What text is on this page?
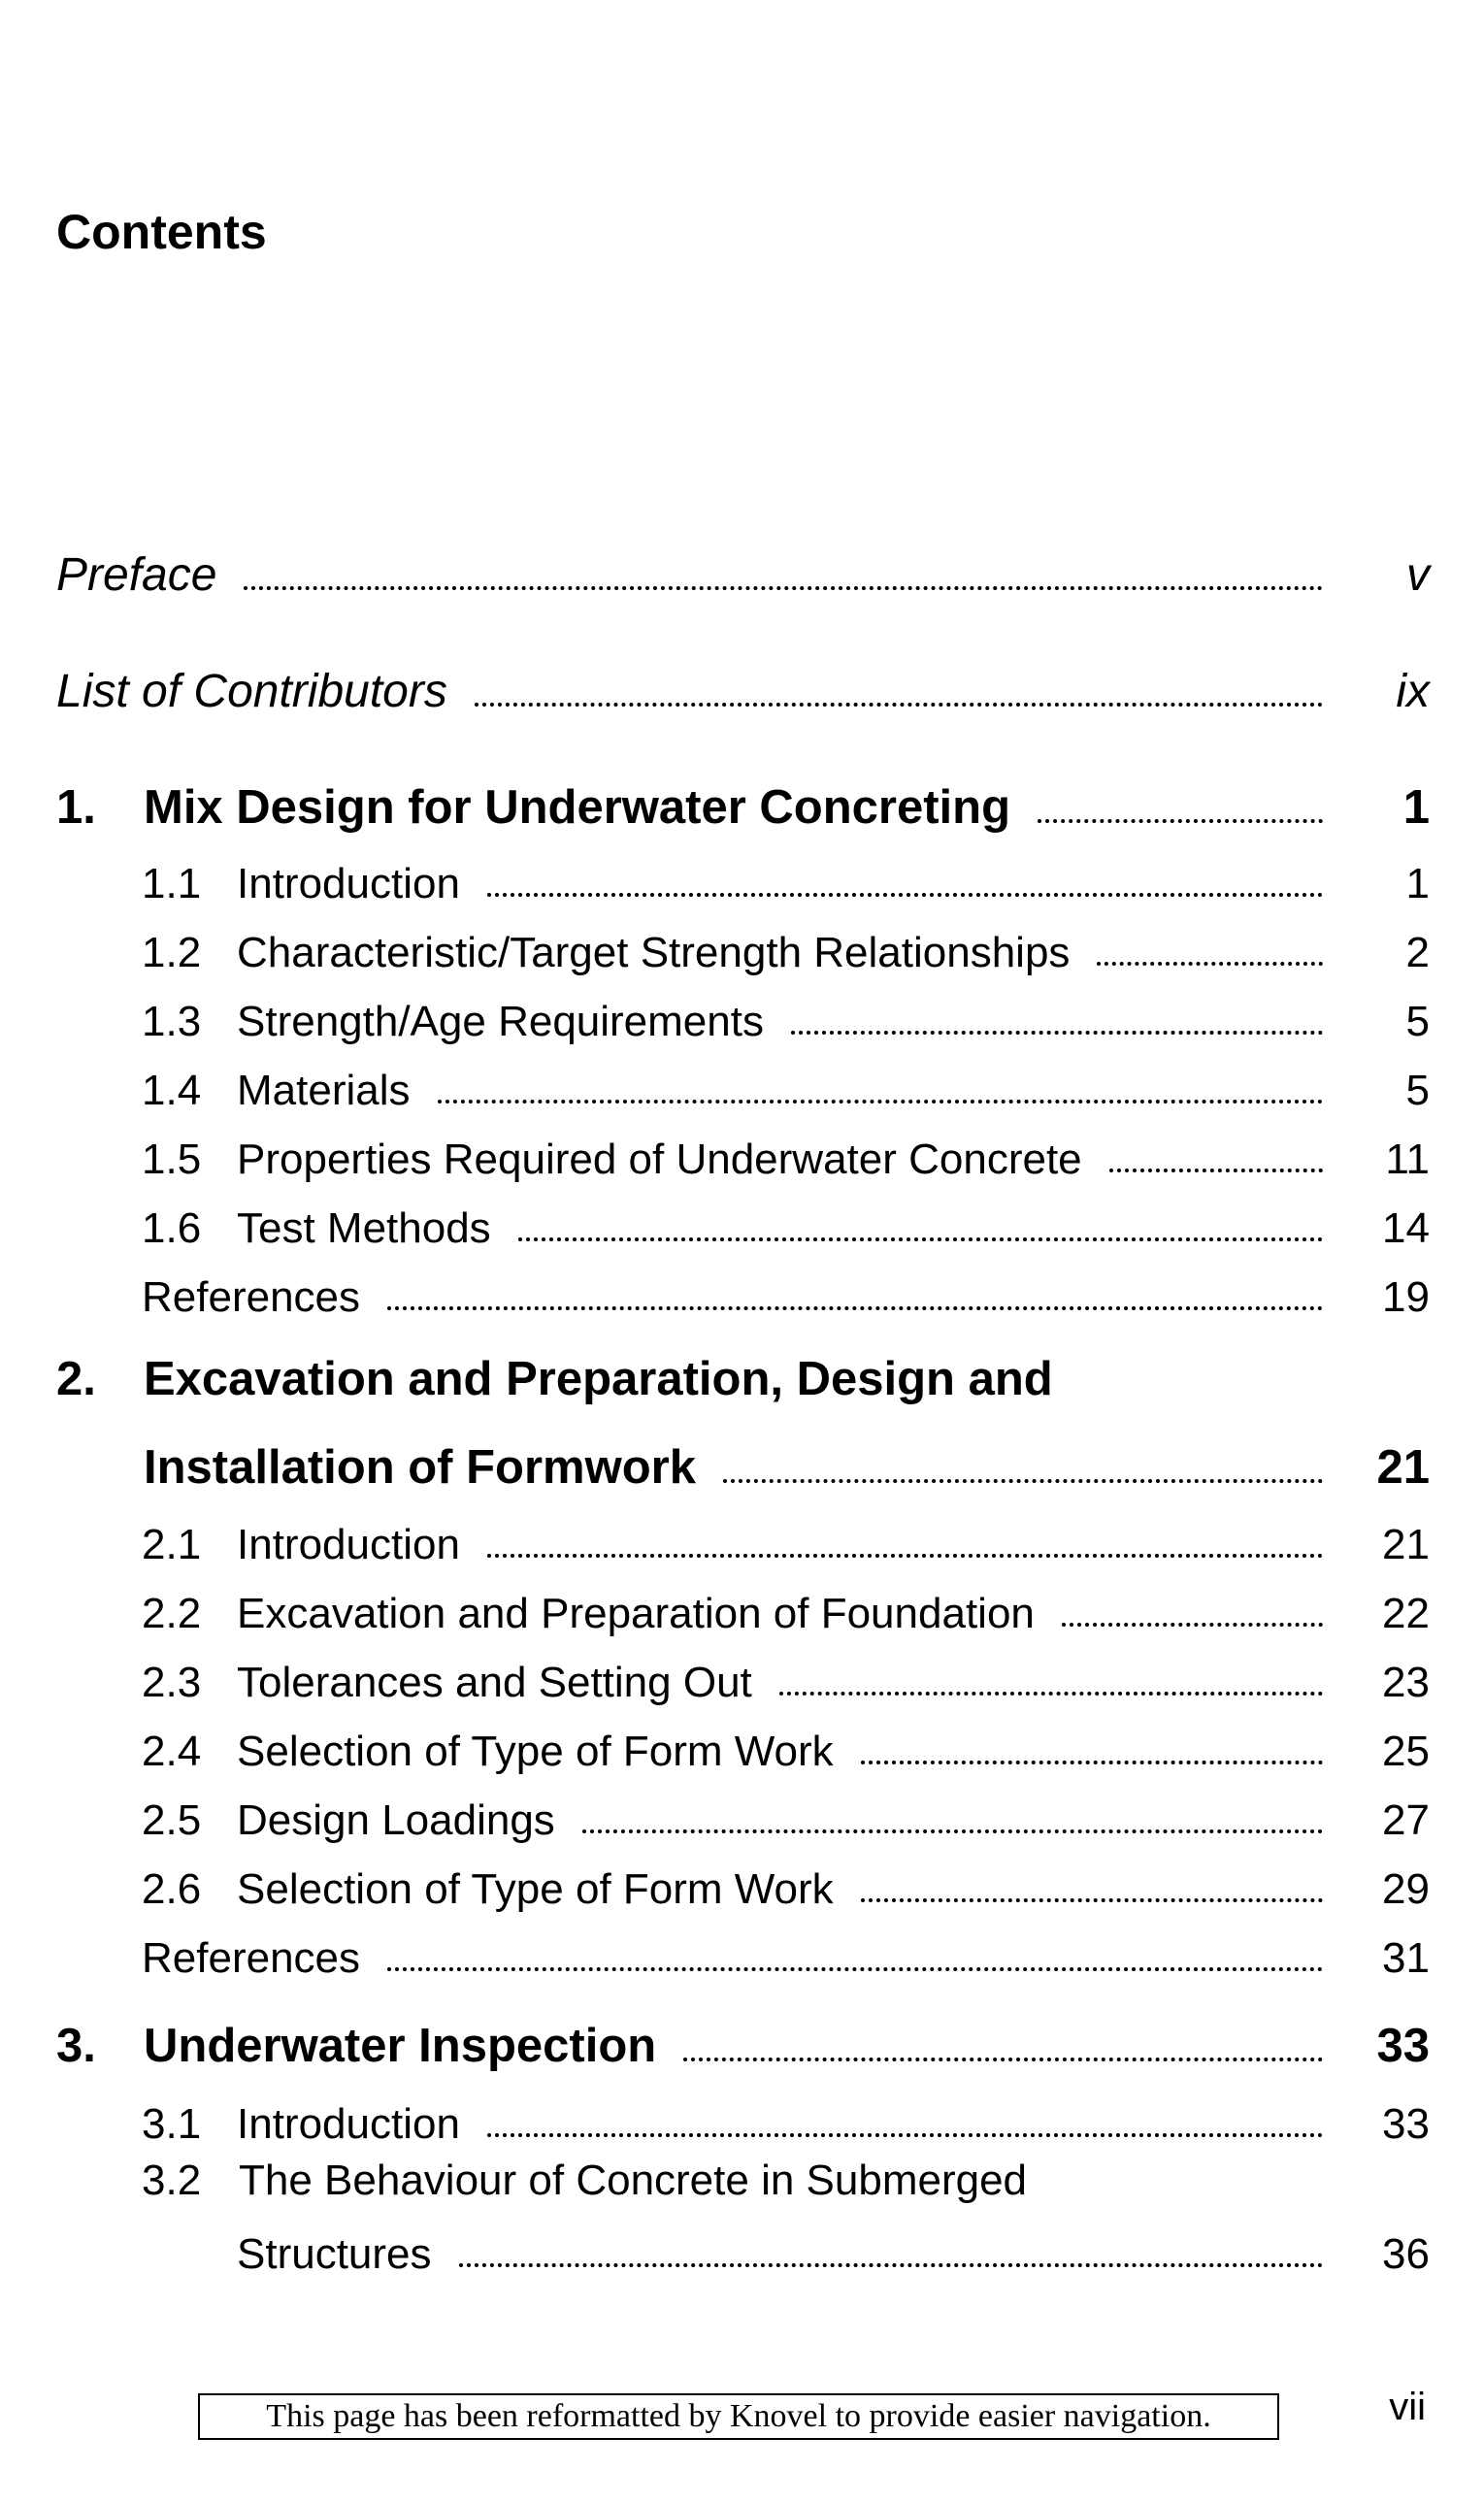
Contents
Preface	v
List of Contributors	ix
1.	Mix Design for Underwater Concreting	1
1.1 Introduction	1
1.2 Characteristic/Target Strength Relationships	2
1.3 Strength/Age Requirements	5
1.4 Materials	5
1.5 Properties Required of Underwater Concrete	11
1.6 Test Methods	14
References	19
2. Excavation and Preparation, Design and
Installation of Formwork	21
2.1 Introduction	21
2.2 Excavation and Preparation of Foundation	22
2.3 Tolerances and Setting Out	23
2.4 Selection of Type of Form Work	25
2.5 Design Loadings	27
2.6 Selection of Type of Form Work	29
References	31
3.	Underwater Inspection	33
3.1 Introduction	33
3.2 The Behaviour of Concrete in Submerged
Structures	36
This page has been reformatted by Knovel to provide easier navigation.	vii
